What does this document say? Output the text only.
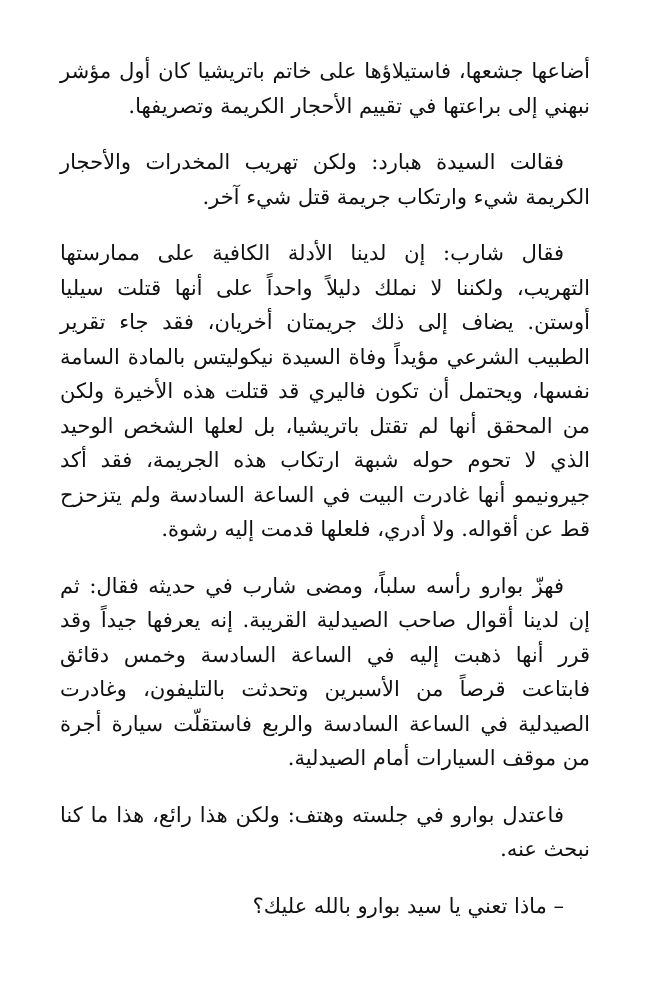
أضاعها جشعها، فاستيلاؤها على خاتم باتريشيا كان أول مؤشر نبهني إلى براعتها في تقييم الأحجار الكريمة وتصريفها.

فقالت السيدة هبارد: ولكن تهريب المخدرات والأحجار الكريمة شيء وارتكاب جريمة قتل شيء آخر.

فقال شارب: إن لدينا الأدلة الكافية على ممارستها التهريب، ولكننا لا نملك دليلاً واحداً على أنها قتلت سيليا أوستن. يضاف إلى ذلك جريمتان أخريان، فقد جاء تقرير الطبيب الشرعي مؤيداً وفاة السيدة نيكوليتس بالمادة السامة نفسها، ويحتمل أن تكون فاليري قد قتلت هذه الأخيرة ولكن من المحقق أنها لم تقتل باتريشيا، بل لعلها الشخص الوحيد الذي لا تحوم حوله شبهة ارتكاب هذه الجريمة، فقد أكد جيرونيمو أنها غادرت البيت في الساعة السادسة ولم يتزحزح قط عن أقواله. ولا أدري، فلعلها قدمت إليه رشوة.

فهزّ بوارو رأسه سلباً، ومضى شارب في حديثه فقال: ثم إن لدينا أقوال صاحب الصيدلية القريبة. إنه يعرفها جيداً وقد قرر أنها ذهبت إليه في الساعة السادسة وخمس دقائق فابتاعت قرصاً من الأسبرين وتحدثت بالتليفون، وغادرت الصيدلية في الساعة السادسة والربع فاستقلّت سيارة أجرة من موقف السيارات أمام الصيدلية.

فاعتدل بوارو في جلسته وهتف: ولكن هذا رائع، هذا ما كنا نبحث عنه.

– ماذا تعني يا سيد بوارو بالله عليك؟
